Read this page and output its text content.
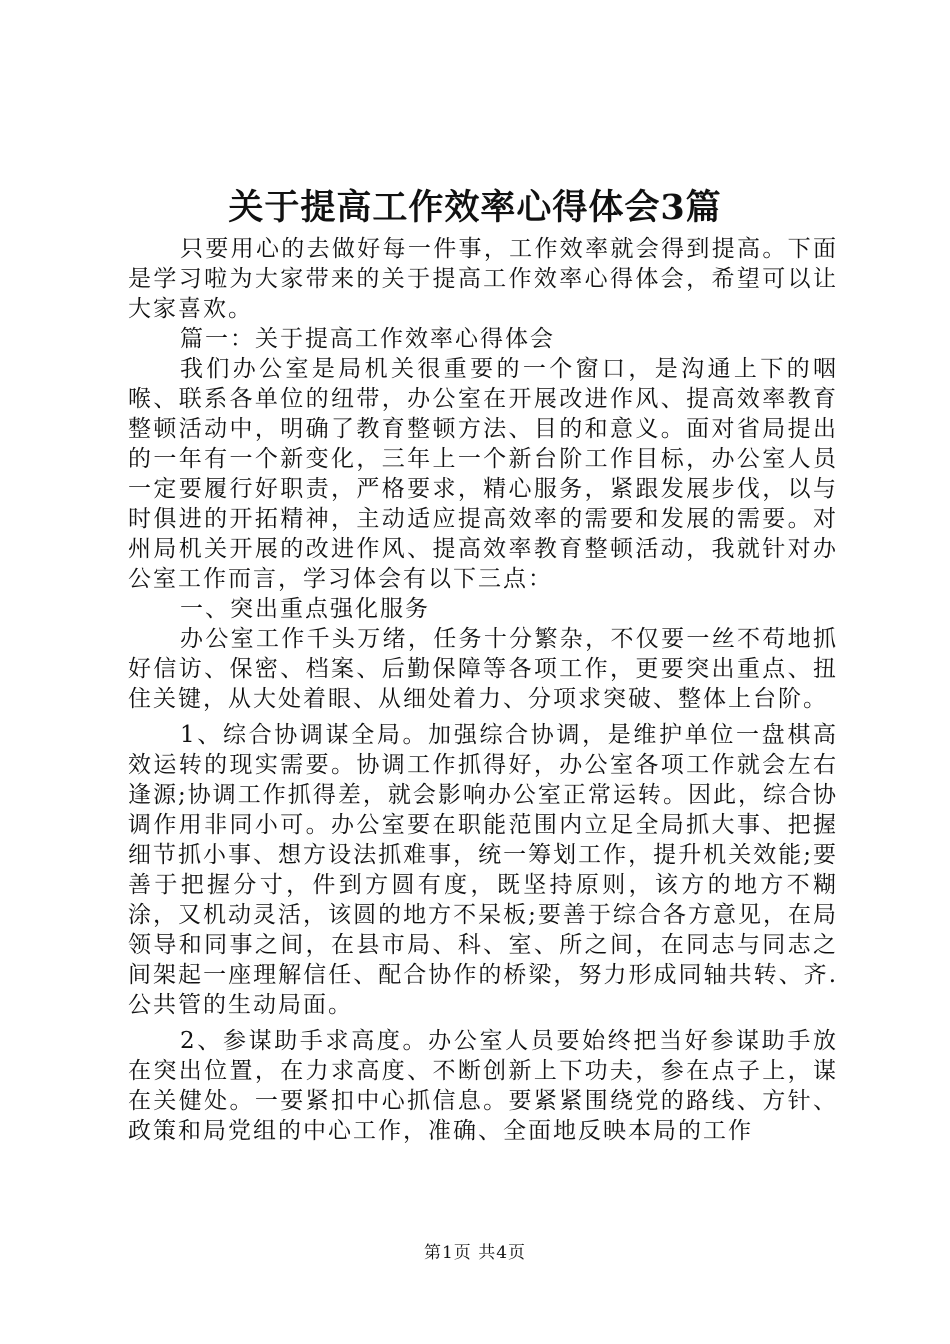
关于提高工作效率心得体会3篇

只要用心的去做好每一件事，工作效率就会得到提高。下面是学习啦为大家带来的关于提高工作效率心得体会，希望可以让大家喜欢。

篇一：关于提高工作效率心得体会

我们办公室是局机关很重要的一个窗口，是沟通上下的咽喉、联系各单位的纽带，办公室在开展改进作风、提高效率教育整顿活动中，明确了教育整顿方法、目的和意义。面对省局提出的一年有一个新变化，三年上一个新台阶工作目标，办公室人员一定要履行好职责，严格要求，精心服务，紧跟发展步伐，以与时俱进的开拓精神，主动适应提高效率的需要和发展的需要。对州局机关开展的改进作风、提高效率教育整顿活动，我就针对办公室工作而言，学习体会有以下三点：

一、突出重点强化服务

办公室工作千头万绪，任务十分繁杂，不仅要一丝不苟地抓好信访、保密、档案、后勤保障等各项工作，更要突出重点、扭住关键，从大处着眼、从细处着力、分项求突破、整体上台阶。

1、综合协调谋全局。加强综合协调，是维护单位一盘棋高效运转的现实需要。协调工作抓得好，办公室各项工作就会左右逢源;协调工作抓得差，就会影响办公室正常运转。因此，综合协调作用非同小可。办公室要在职能范围内立足全局抓大事、把握细节抓小事、想方设法抓难事，统一筹划工作，提升机关效能;要善于把握分寸，件到方圆有度，既坚持原则，该方的地方不糊涂，又机动灵活，该圆的地方不呆板;要善于综合各方意见，在局领导和同事之间，在县市局、科、室、所之间，在同志与同志之间架起一座理解信任、配合协作的桥梁，努力形成同轴共转、齐.公共管的生动局面。

2、参谋助手求高度。办公室人员要始终把当好参谋助手放在突出位置，在力求高度、不断创新上下功夫，参在点子上，谋在关健处。一要紧扣中心抓信息。要紧紧围绕党的路线、方针、政策和局党组的中心工作，准确、全面地反映本局的工作

第1页 共4页
